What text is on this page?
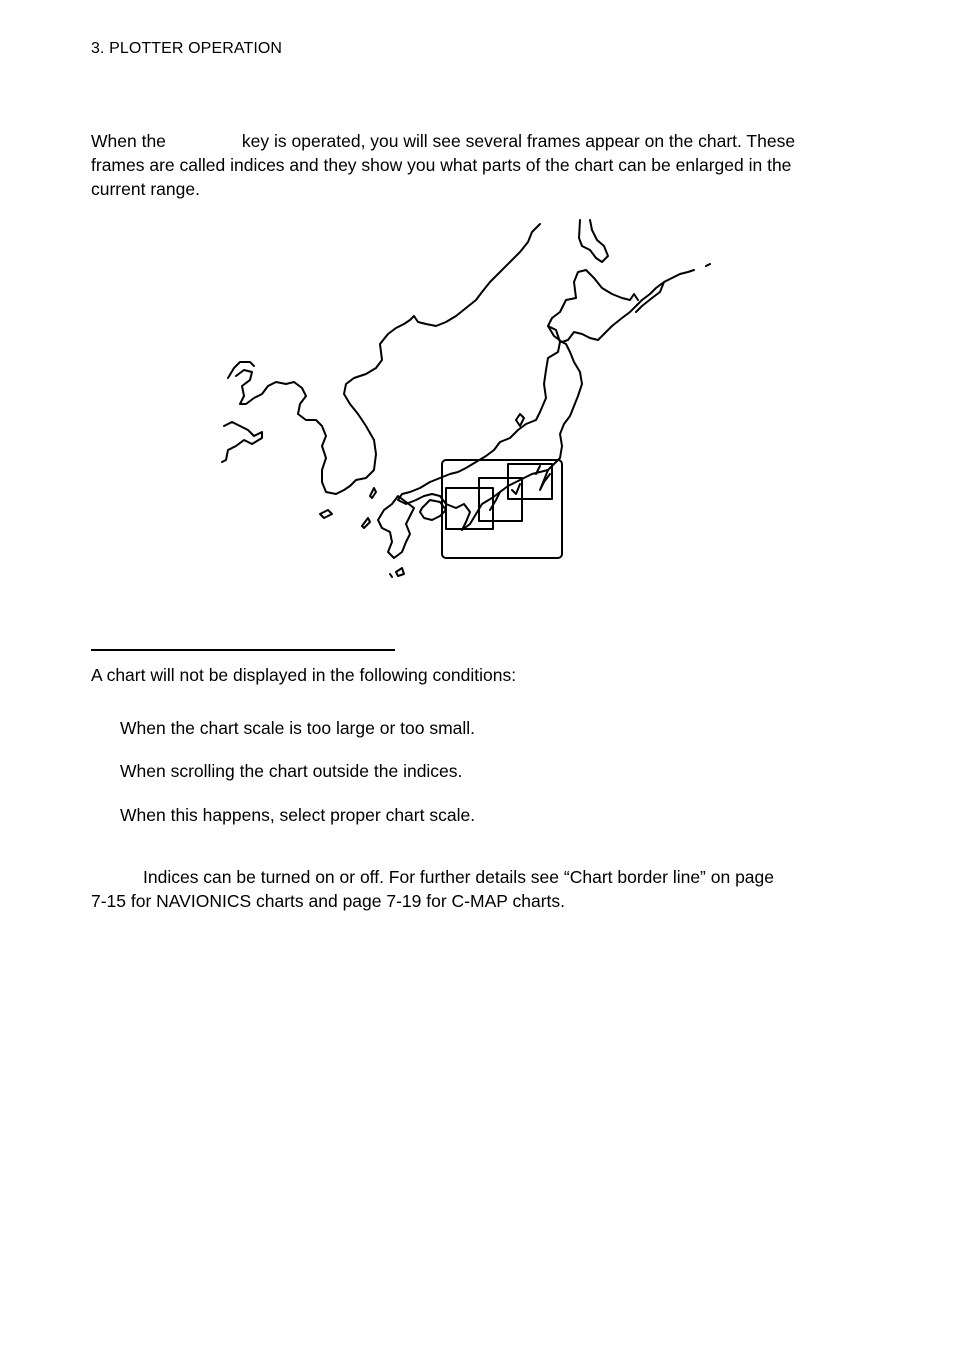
3. PLOTTER OPERATION
When the	key is operated, you will see several frames appear on the chart. These
frames are called indices and they show you what parts of the chart can be enlarged in the
current range.
A chart will not be displayed in the following conditions:
When the chart scale is too large or too small.
When scrolling the chart outside the indices.
When this happens, select proper chart scale.
Indices can be turned on or off. For further details see “Chart border line” on page
7-15 for NAVIONICS charts and page 7-19 for C-MAP charts.
